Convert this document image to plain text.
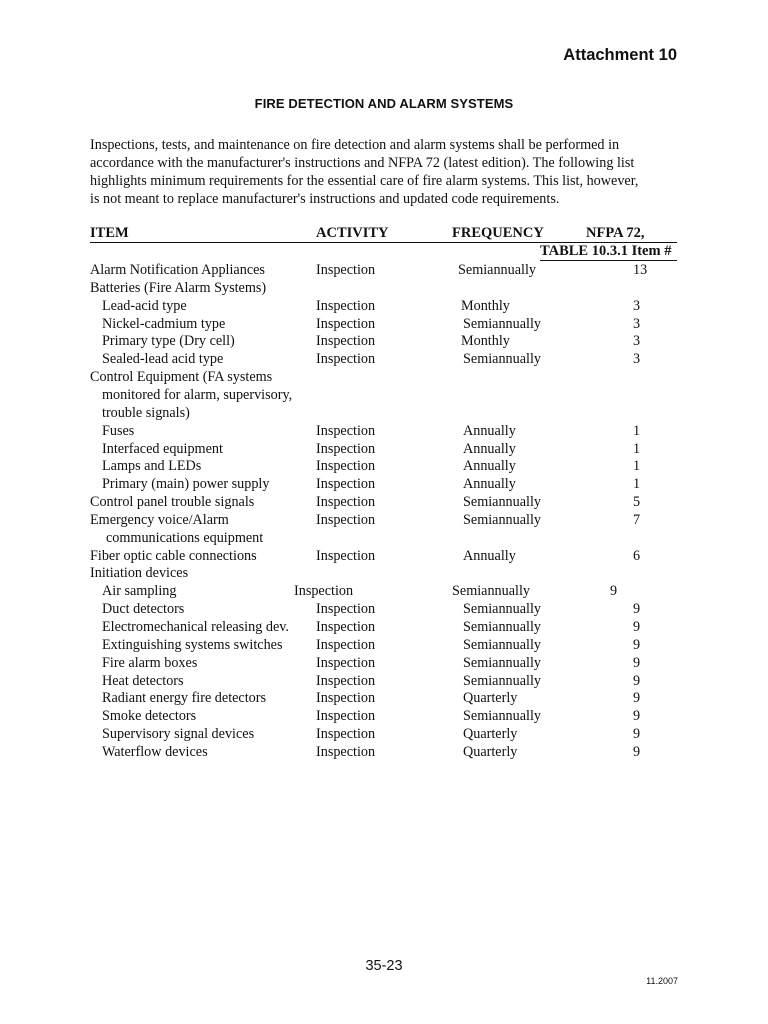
Attachment 10
FIRE DETECTION AND ALARM SYSTEMS
Inspections, tests, and maintenance on fire detection and alarm systems shall be performed in
accordance with the manufacturer's instructions and NFPA 72 (latest edition). The following list
highlights minimum requirements for the essential care of fire alarm systems. This list, however,
is not meant to replace manufacturer's instructions and updated code requirements.
ITEM	ACTIVITY	FREQUENCY	NFPA 72,
TABLE 10.3.1 Item #
Alarm Notification Appliances	Inspection	Semiannually	13
Batteries (Fire Alarm Systems)
Lead-acid type	Inspection	Monthly	3
Nickel-cadmium type	Inspection	Semiannually	3
Primary type (Dry cell)	Inspection	Monthly	3
Sealed-lead acid type	Inspection	Semiannually	3
Control Equipment (FA systems
monitored for alarm, supervisory,
trouble signals)
Fuses	Inspection	Annually	1
Interfaced equipment	Inspection	Annually	1
Lamps and LEDs	Inspection	Annually	1
Primary (main) power supply	Inspection	Annually	1
Control panel trouble signals	Inspection	Semiannually	5
Emergency voice/Alarm	Inspection	Semiannually	7
communications equipment
Fiber optic cable connections	Inspection	Annually	6
Initiation devices
Air sampling	Inspection	Semiannually	9
Duct detectors	Inspection	Semiannually	9
Electromechanical releasing dev. Inspection	Semiannually	9
Extinguishing systems switches Inspection	Semiannually	9
Fire alarm boxes	Inspection	Semiannually	9
Heat detectors	Inspection	Semiannually	9
Radiant energy fire detectors	Inspection	Quarterly	9
Smoke detectors	Inspection	Semiannually	9
Supervisory signal devices	Inspection	Quarterly	9
Waterflow devices	Inspection	Quarterly	9
35-23
11.2007
